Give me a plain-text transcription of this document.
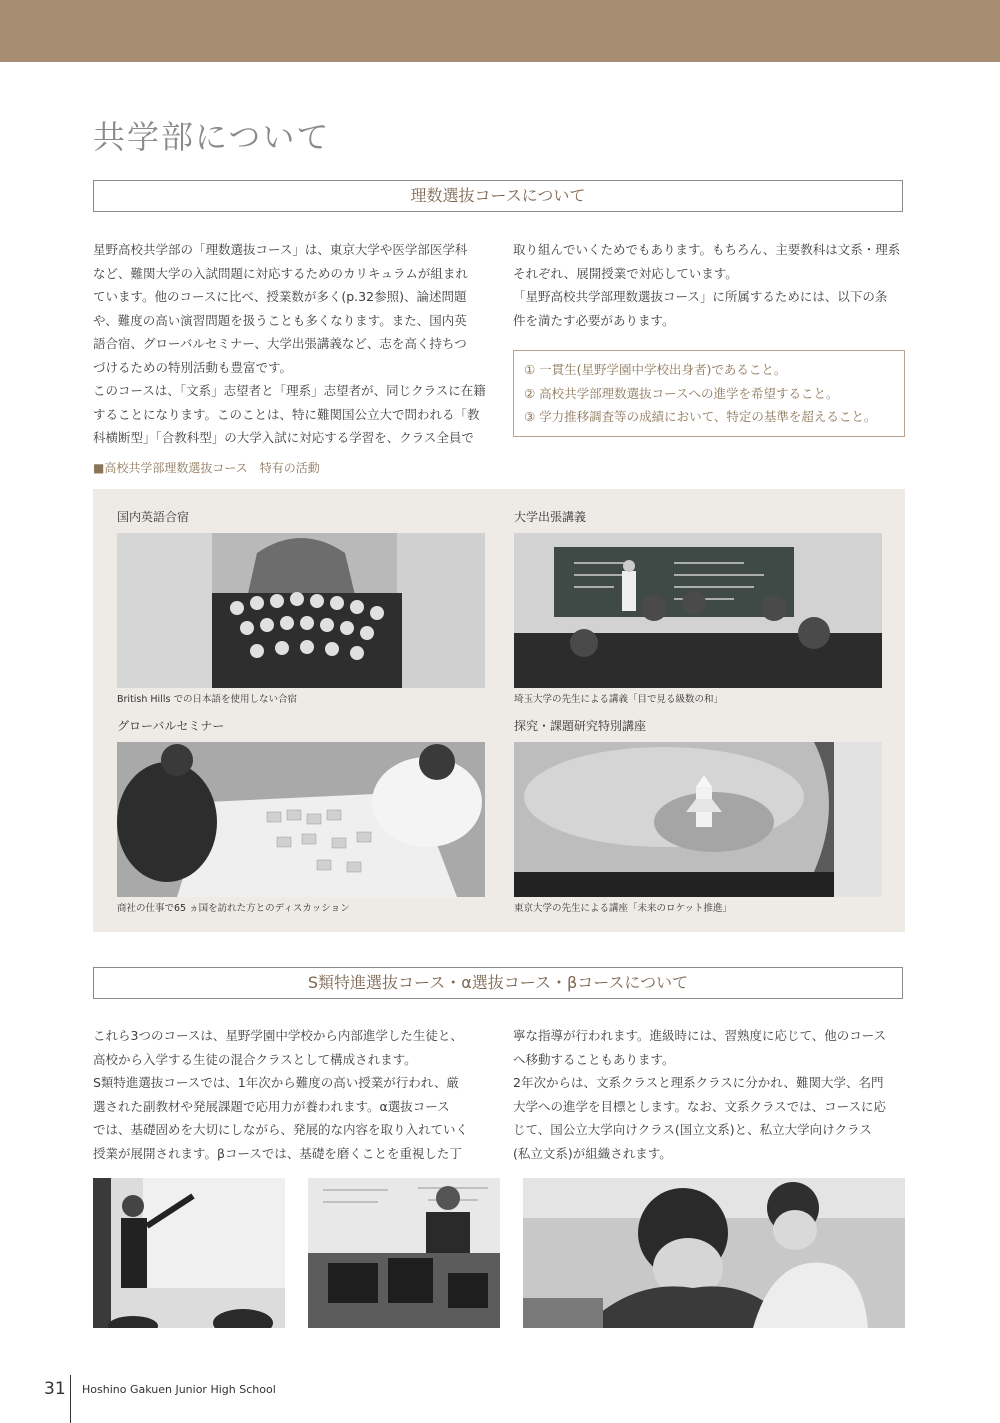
共学部について
理数選抜コースについて

星野高校共学部の「理数選抜コース」は、東京大学や医学部医学科

など、難関大学の入試問題に対応するためのカリキュラムが組まれ

ています。他のコースに比べ、授業数が多く(p.32参照)、論述問題

や、難度の高い演習問題を扱うことも多くなります。また、国内英

語合宿、グローバルセミナー、大学出張講義など、志を高く持ちつ

づけるための特別活動も豊富です。

このコースは、「文系」志望者と「理系」志望者が、同じクラスに在籍

することになります。このことは、特に難関国公立大で問われる「教

科横断型」「合教科型」の大学入試に対応する学習を、クラス全員で

取り組んでいくためでもあります。もちろん、主要教科は文系・理系

それぞれ、展開授業で対応しています。

「星野高校共学部理数選抜コース」に所属するためには、以下の条

件を満たす必要があります。

① 一貫生(星野学園中学校出身者)であること。
② 高校共学部理数選抜コースへの進学を希望すること。
③ 学力推移調査等の成績において、特定の基準を超えること。
■高校共学部理数選抜コース　特有の活動
国内英語合宿
British Hills での日本語を使用しない合宿
大学出張講義
埼玉大学の先生による講義「目で見る級数の和」
グローバルセミナー
商社の仕事で65 ヵ国を訪れた方とのディスカッション
探究・課題研究特別講座
東京大学の先生による講座「未来のロケット推進」
S類特進選抜コース・α選抜コース・βコースについて

これら3つのコースは、星野学園中学校から内部進学した生徒と、

高校から入学する生徒の混合クラスとして構成されます。

S類特進選抜コースでは、1年次から難度の高い授業が行われ、厳

選された副教材や発展課題で応用力が養われます。α選抜コース

では、基礎固めを大切にしながら、発展的な内容を取り入れていく

授業が展開されます。βコースでは、基礎を磨くことを重視した丁

寧な指導が行われます。進級時には、習熟度に応じて、他のコース

へ移動することもあります。

2年次からは、文系クラスと理系クラスに分かれ、難関大学、名門

大学への進学を目標とします。なお、文系クラスでは、コースに応

じて、国公立大学向けクラス(国立文系)と、私立大学向けクラス

(私立文系)が組織されます。

31 Hoshino Gakuen Junior High School
